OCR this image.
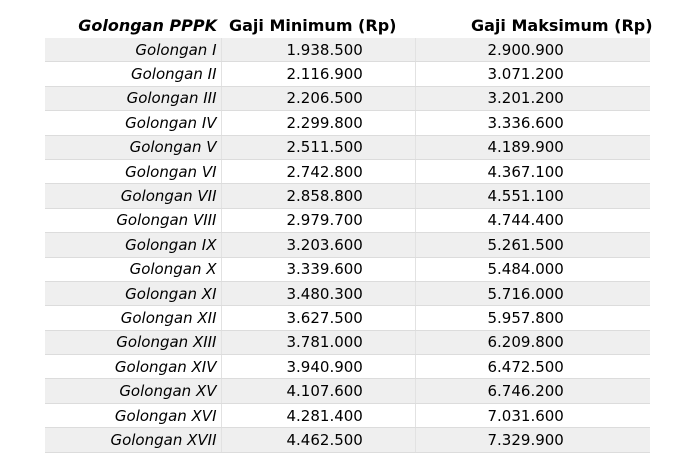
Golongan PPPK	Gaji Minimum (Rp)	Gaji Maksimum (Rp)
Golongan I	1.938.500	2.900.900
Golongan II	2.116.900	3.071.200
Golongan III	2.206.500	3.201.200
Golongan IV	2.299.800	3.336.600
Golongan V	2.511.500	4.189.900
Golongan VI	2.742.800	4.367.100
Golongan VII	2.858.800	4.551.100
Golongan VIII	2.979.700	4.744.400
Golongan IX	3.203.600	5.261.500
Golongan X	3.339.600	5.484.000
Golongan XI	3.480.300	5.716.000
Golongan XII	3.627.500	5.957.800
Golongan XIII	3.781.000	6.209.800
Golongan XIV	3.940.900	6.472.500
Golongan XV	4.107.600	6.746.200
Golongan XVI	4.281.400	7.031.600
Golongan XVII	4.462.500	7.329.900
